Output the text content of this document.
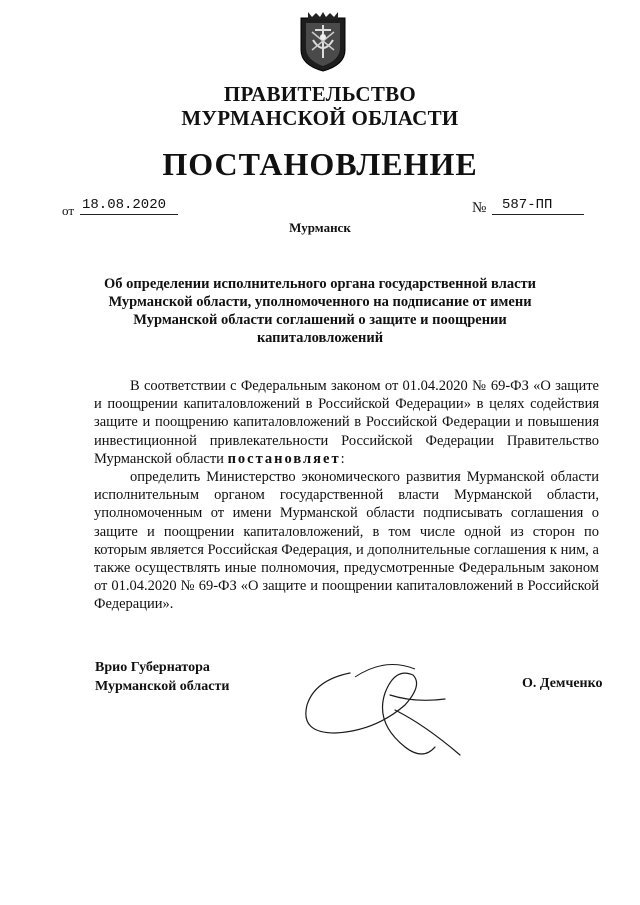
ПРАВИТЕЛЬСТВО
МУРМАНСКОЙ ОБЛАСТИ
ПОСТАНОВЛЕНИЕ
от 18.08.2020	№	587-ПП
Мурманск
Об определении исполнительного органа государственной власти
Мурманской области, уполномоченного на подписание от имени
Мурманской области соглашений о защите и поощрении
капиталовложений

В соответствии с Федеральным законом от 01.04.2020 № 69-ФЗ «О защите и поощрении капиталовложений в Российской Федерации» в целях содействия защите и поощрению капиталовложений в Российской Федерации и повышения инвестиционной привлекательности Российской Федерации Правительство Мурманской области постановляет:

определить Министерство экономического развития Мурманской области исполнительным органом государственной власти Мурманской области, уполномоченным от имени Мурманской области подписывать соглашения о защите и поощрении капиталовложений, в том числе одной из сторон по которым является Российская Федерация, и дополнительные соглашения к ним, а также осуществлять иные полномочия, предусмотренные Федеральным законом от 01.04.2020 № 69-ФЗ «О защите и поощрении капиталовложений в Российской Федерации».

Врио Губернатора
Мурманской области	О. Демченко
